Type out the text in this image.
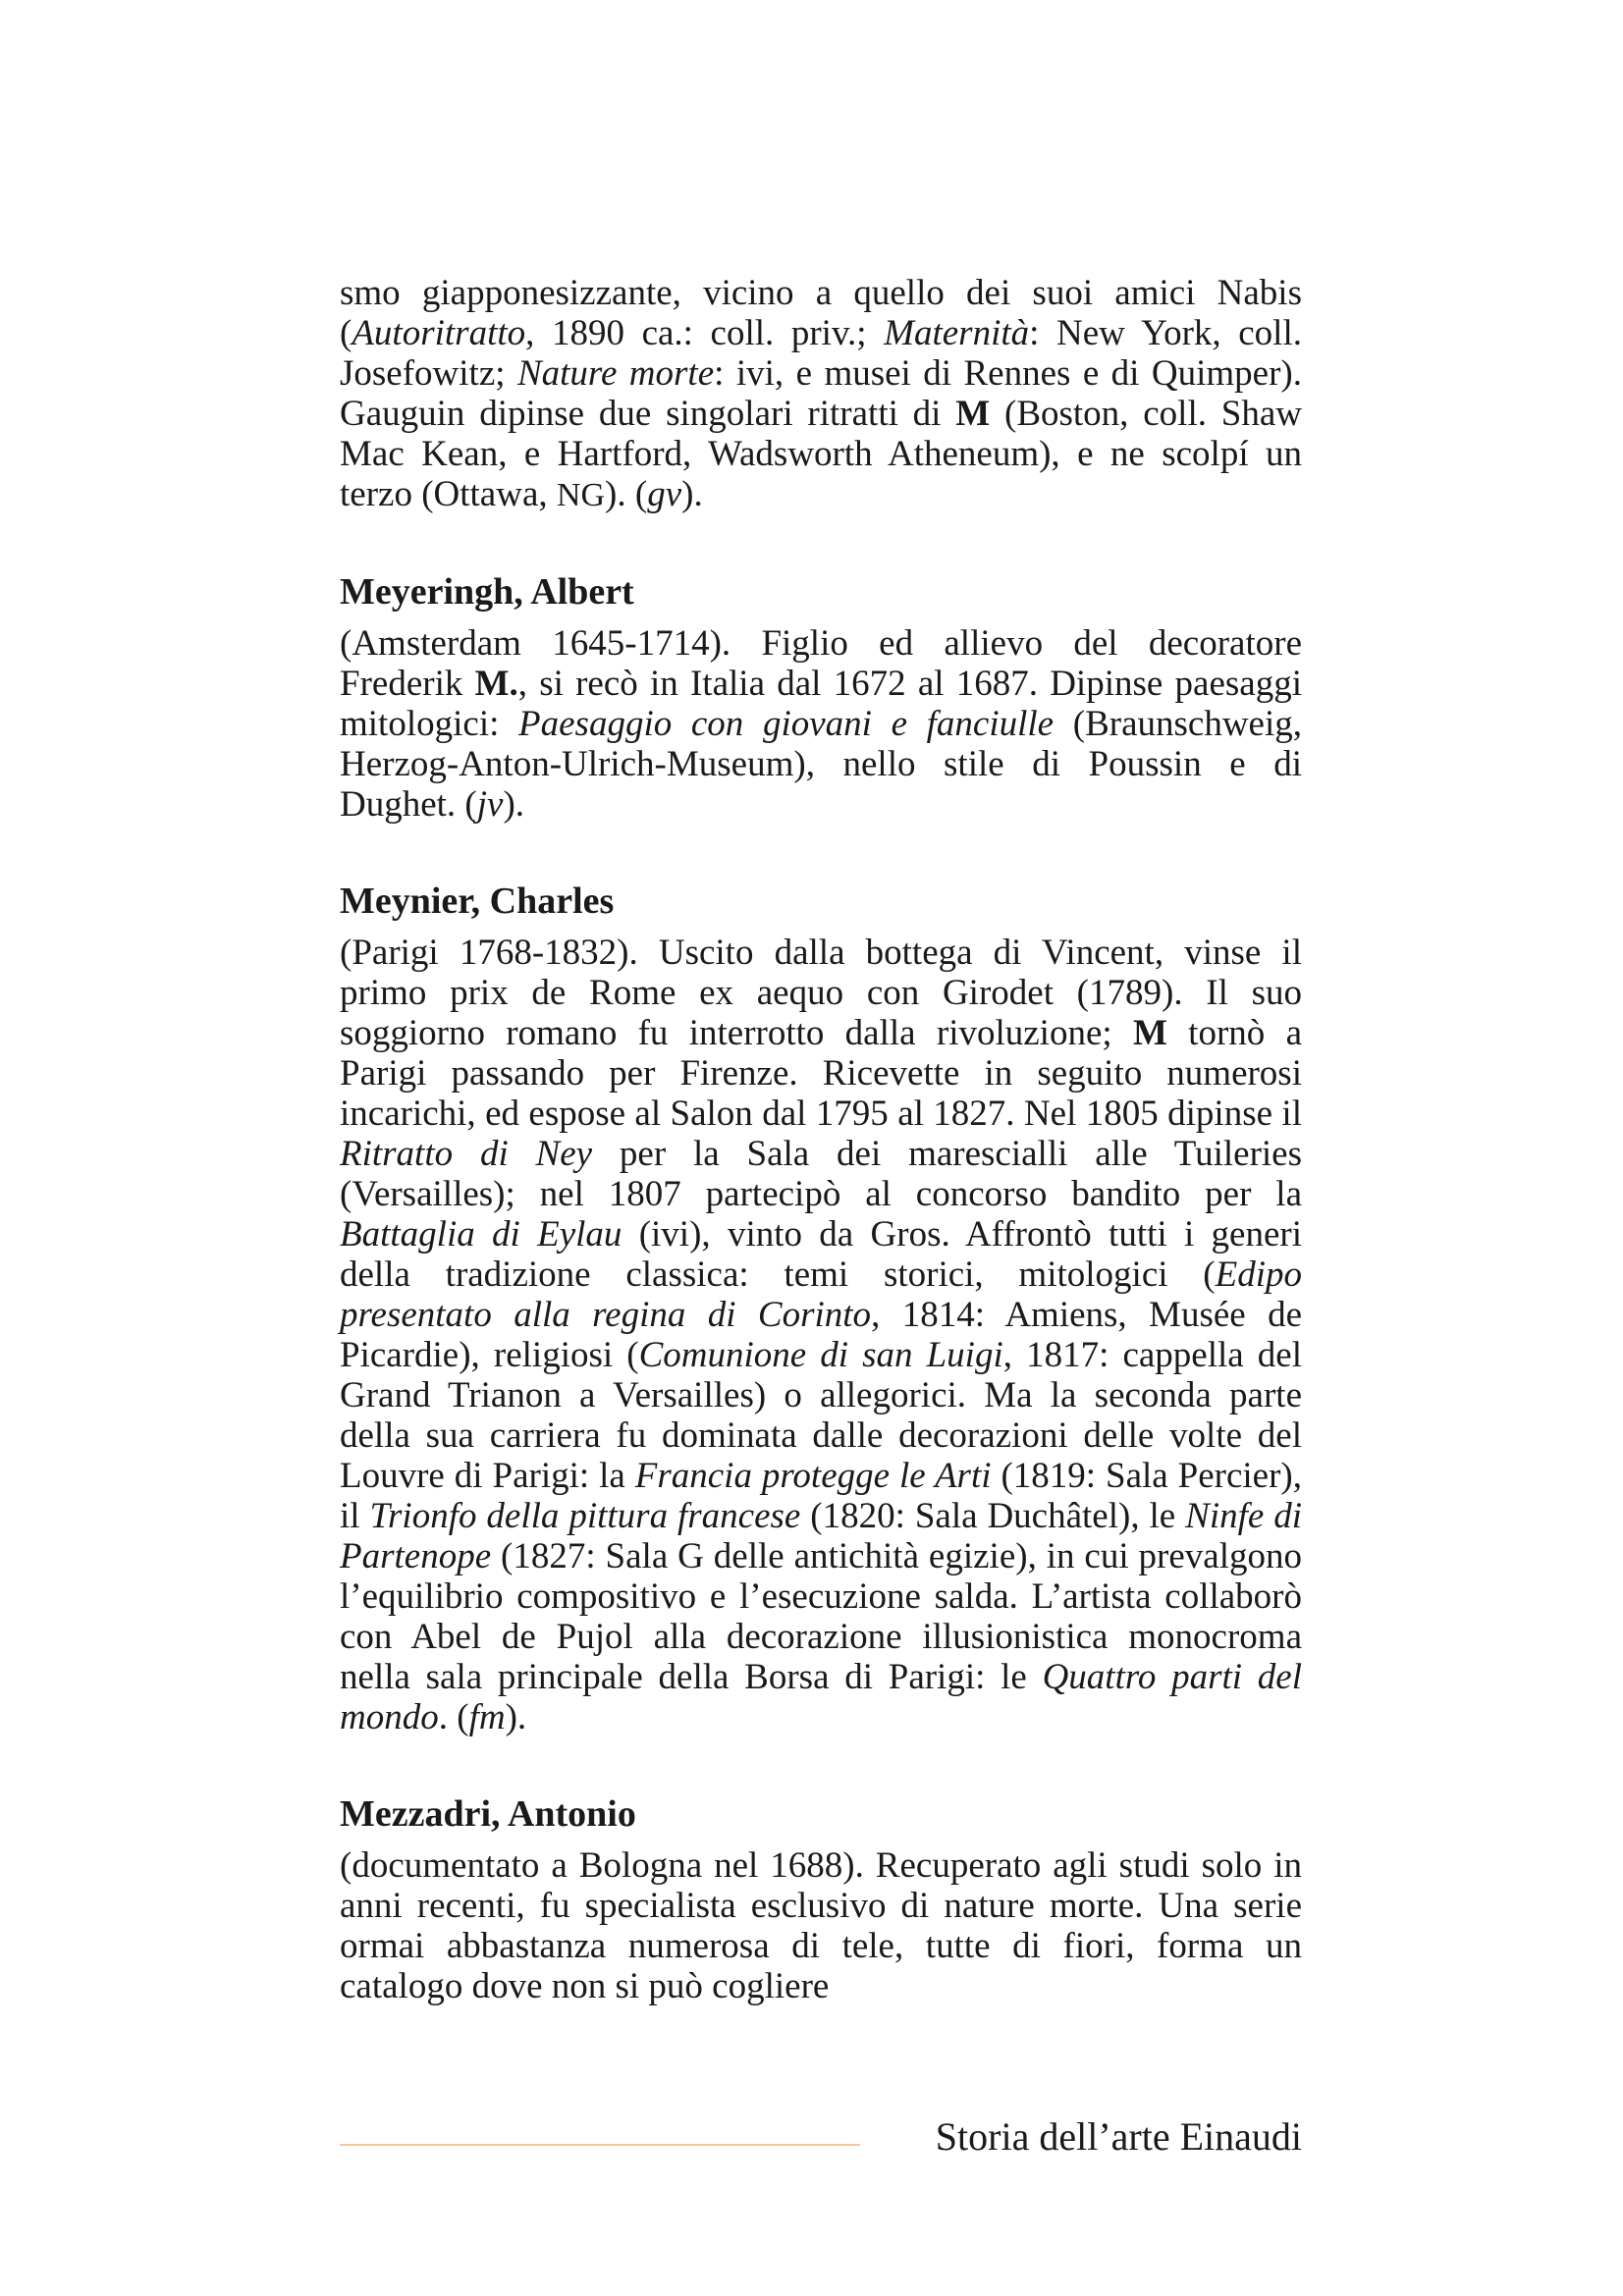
smo giapponesizzante, vicino a quello dei suoi amici Nabis (Autoritratto, 1890 ca.: coll. priv.; Maternità: New York, coll. Josefowitz; Nature morte: ivi, e musei di Rennes e di Quimper). Gauguin dipinse due singolari ritratti di M (Boston, coll. Shaw Mac Kean, e Hartford, Wadsworth Atheneum), e ne scolpí un terzo (Ottawa, NG). (gv).

Meyeringh, Albert

(Amsterdam 1645-1714). Figlio ed allievo del decoratore Frederik M., si recò in Italia dal 1672 al 1687. Dipinse paesaggi mitologici: Paesaggio con giovani e fanciulle (Braunschweig, Herzog-Anton-Ulrich-Museum), nello stile di Poussin e di Dughet. (jv).

Meynier, Charles

(Parigi 1768-1832). Uscito dalla bottega di Vincent, vinse il primo prix de Rome ex aequo con Girodet (1789). Il suo soggiorno romano fu interrotto dalla rivoluzione; M tornò a Parigi passando per Firenze. Ricevette in seguito numerosi incarichi, ed espose al Salon dal 1795 al 1827. Nel 1805 dipinse il Ritratto di Ney per la Sala dei marescialli alle Tuileries (Versailles); nel 1807 partecipò al concorso bandito per la Battaglia di Eylau (ivi), vinto da Gros. Affrontò tutti i generi della tradizione classica: temi storici, mitologici (Edipo presentato alla regina di Corinto, 1814: Amiens, Musée de Picardie), religiosi (Comunione di san Luigi, 1817: cappella del Grand Trianon a Versailles) o allegorici. Ma la seconda parte della sua carriera fu dominata dalle decorazioni delle volte del Louvre di Parigi: la Francia protegge le Arti (1819: Sala Percier), il Trionfo della pittura francese (1820: Sala Duchâtel), le Ninfe di Partenope (1827: Sala G delle antichità egizie), in cui prevalgono l’equilibrio compositivo e l’esecuzione salda. L’artista collaborò con Abel de Pujol alla decorazione illusionistica monocroma nella sala principale della Borsa di Parigi: le Quattro parti del mondo. (fm).

Mezzadri, Antonio

(documentato a Bologna nel 1688). Recuperato agli studi solo in anni recenti, fu specialista esclusivo di nature morte. Una serie ormai abbastanza numerosa di tele, tutte di fiori, forma un catalogo dove non si può cogliere

Storia dell’arte Einaudi
